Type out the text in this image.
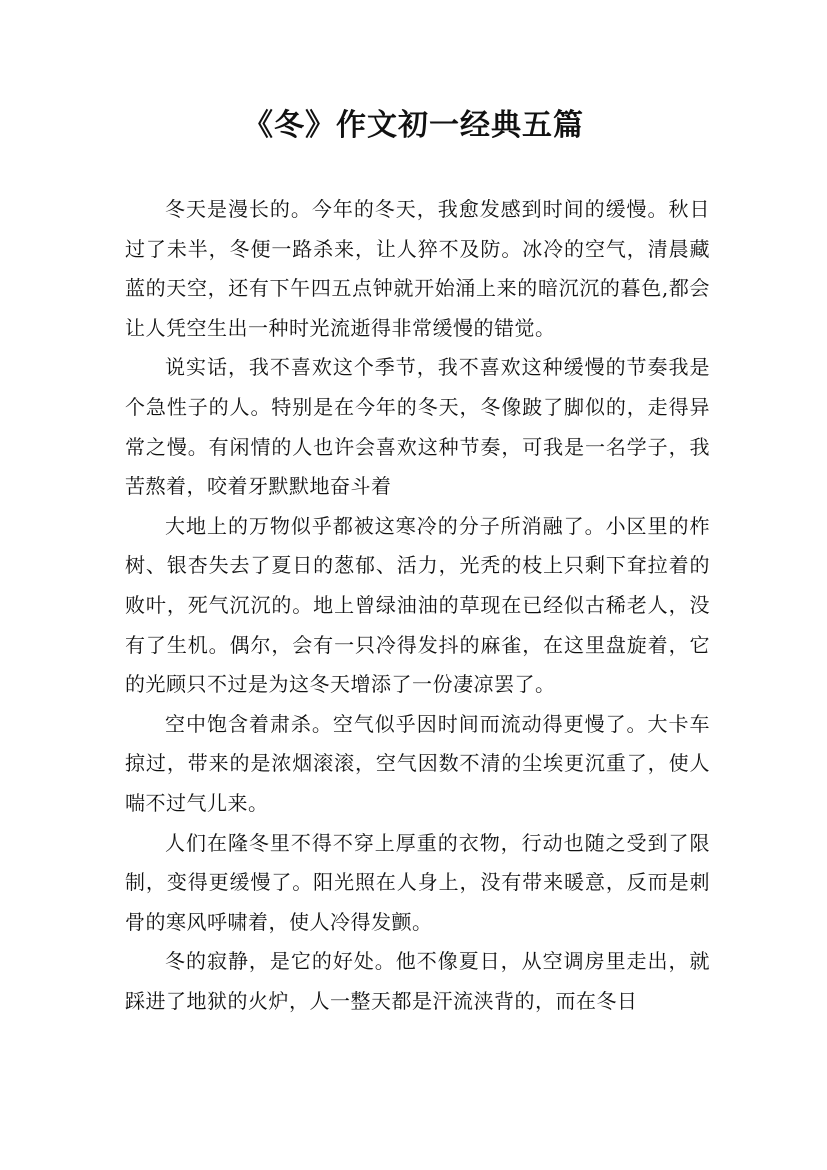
《冬》作文初一经典五篇

冬天是漫长的。今年的冬天，我愈发感到时间的缓慢。秋日过了未半，冬便一路杀来，让人猝不及防。冰冷的空气，清晨藏蓝的天空，还有下午四五点钟就开始涌上来的暗沉沉的暮色,都会让人凭空生出一种时光流逝得非常缓慢的错觉。

说实话，我不喜欢这个季节，我不喜欢这种缓慢的节奏我是个急性子的人。特别是在今年的冬天，冬像跛了脚似的，走得异常之慢。有闲情的人也许会喜欢这种节奏，可我是一名学子，我苦熬着，咬着牙默默地奋斗着

大地上的万物似乎都被这寒冷的分子所消融了。小区里的柞树、银杏失去了夏日的葱郁、活力，光秃的枝上只剩下耷拉着的败叶，死气沉沉的。地上曾绿油油的草现在已经似古稀老人，没有了生机。偶尔，会有一只冷得发抖的麻雀，在这里盘旋着，它的光顾只不过是为这冬天增添了一份凄凉罢了。

空中饱含着肃杀。空气似乎因时间而流动得更慢了。大卡车掠过，带来的是浓烟滚滚，空气因数不清的尘埃更沉重了，使人喘不过气儿来。

人们在隆冬里不得不穿上厚重的衣物，行动也随之受到了限制，变得更缓慢了。阳光照在人身上，没有带来暖意，反而是刺骨的寒风呼啸着，使人冷得发颤。

冬的寂静，是它的好处。他不像夏日，从空调房里走出，就踩进了地狱的火炉，人一整天都是汗流浃背的，而在冬日
